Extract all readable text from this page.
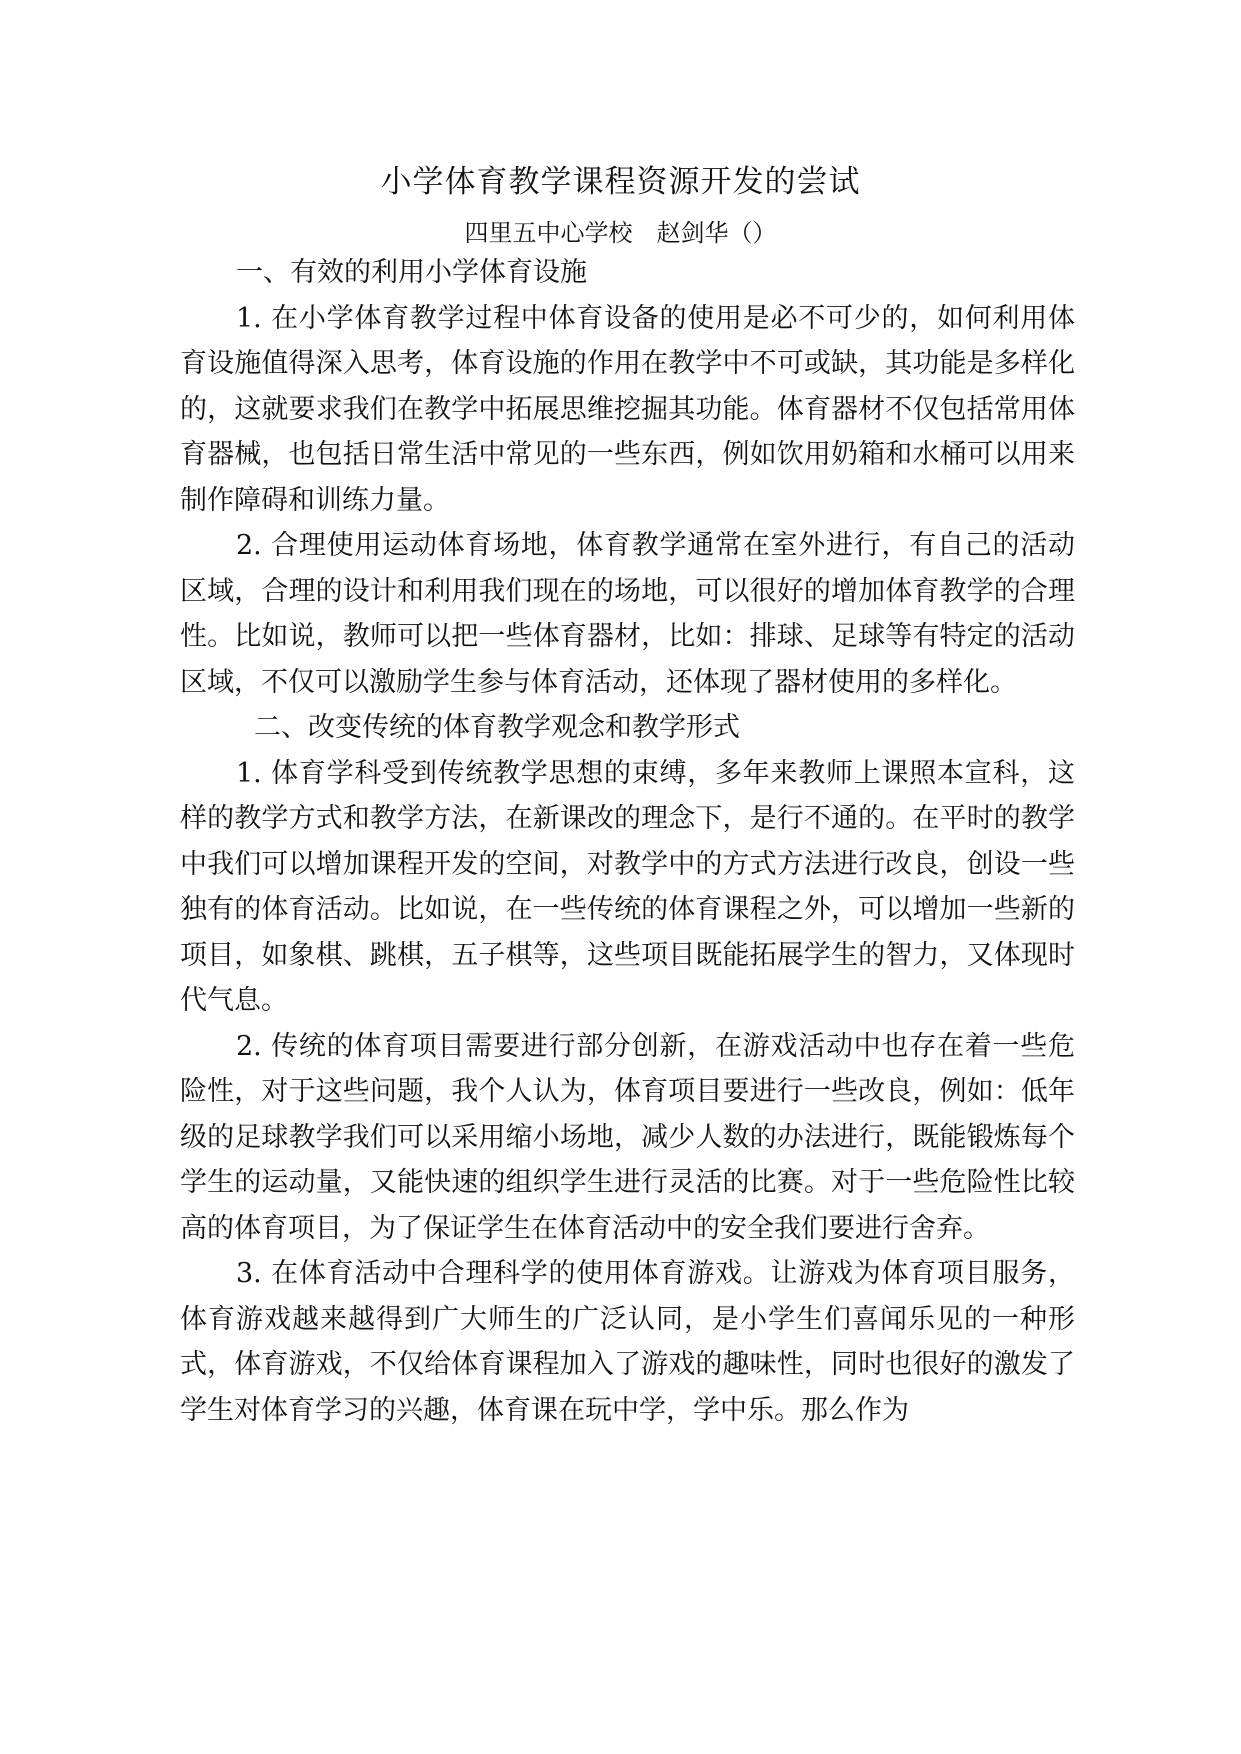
小学体育教学课程资源开发的尝试
四里五中心学校 赵剑华（）

一、有效的利用小学体育设施

1. 在小学体育教学过程中体育设备的使用是必不可少的，如何利用体育设施值得深入思考，体育设施的作用在教学中不可或缺，其功能是多样化的，这就要求我们在教学中拓展思维挖掘其功能。体育器材不仅包括常用体育器械，也包括日常生活中常见的一些东西，例如饮用奶箱和水桶可以用来制作障碍和训练力量。

2. 合理使用运动体育场地，体育教学通常在室外进行，有自己的活动区域，合理的设计和利用我们现在的场地，可以很好的增加体育教学的合理性。比如说，教师可以把一些体育器材，比如：排球、足球等有特定的活动区域，不仅可以激励学生参与体育活动，还体现了器材使用的多样化。

二、改变传统的体育教学观念和教学形式

1. 体育学科受到传统教学思想的束缚，多年来教师上课照本宣科，这样的教学方式和教学方法，在新课改的理念下，是行不通的。在平时的教学中我们可以增加课程开发的空间，对教学中的方式方法进行改良，创设一些独有的体育活动。比如说，在一些传统的体育课程之外，可以增加一些新的项目，如象棋、跳棋，五子棋等，这些项目既能拓展学生的智力，又体现时代气息。

2. 传统的体育项目需要进行部分创新，在游戏活动中也存在着一些危险性，对于这些问题，我个人认为，体育项目要进行一些改良，例如：低年级的足球教学我们可以采用缩小场地，减少人数的办法进行，既能锻炼每个学生的运动量，又能快速的组织学生进行灵活的比赛。对于一些危险性比较高的体育项目，为了保证学生在体育活动中的安全我们要进行舍弃。

3. 在体育活动中合理科学的使用体育游戏。让游戏为体育项目服务，体育游戏越来越得到广大师生的广泛认同，是小学生们喜闻乐见的一种形式，体育游戏，不仅给体育课程加入了游戏的趣味性，同时也很好的激发了学生对体育学习的兴趣，体育课在玩中学，学中乐。那么作为
